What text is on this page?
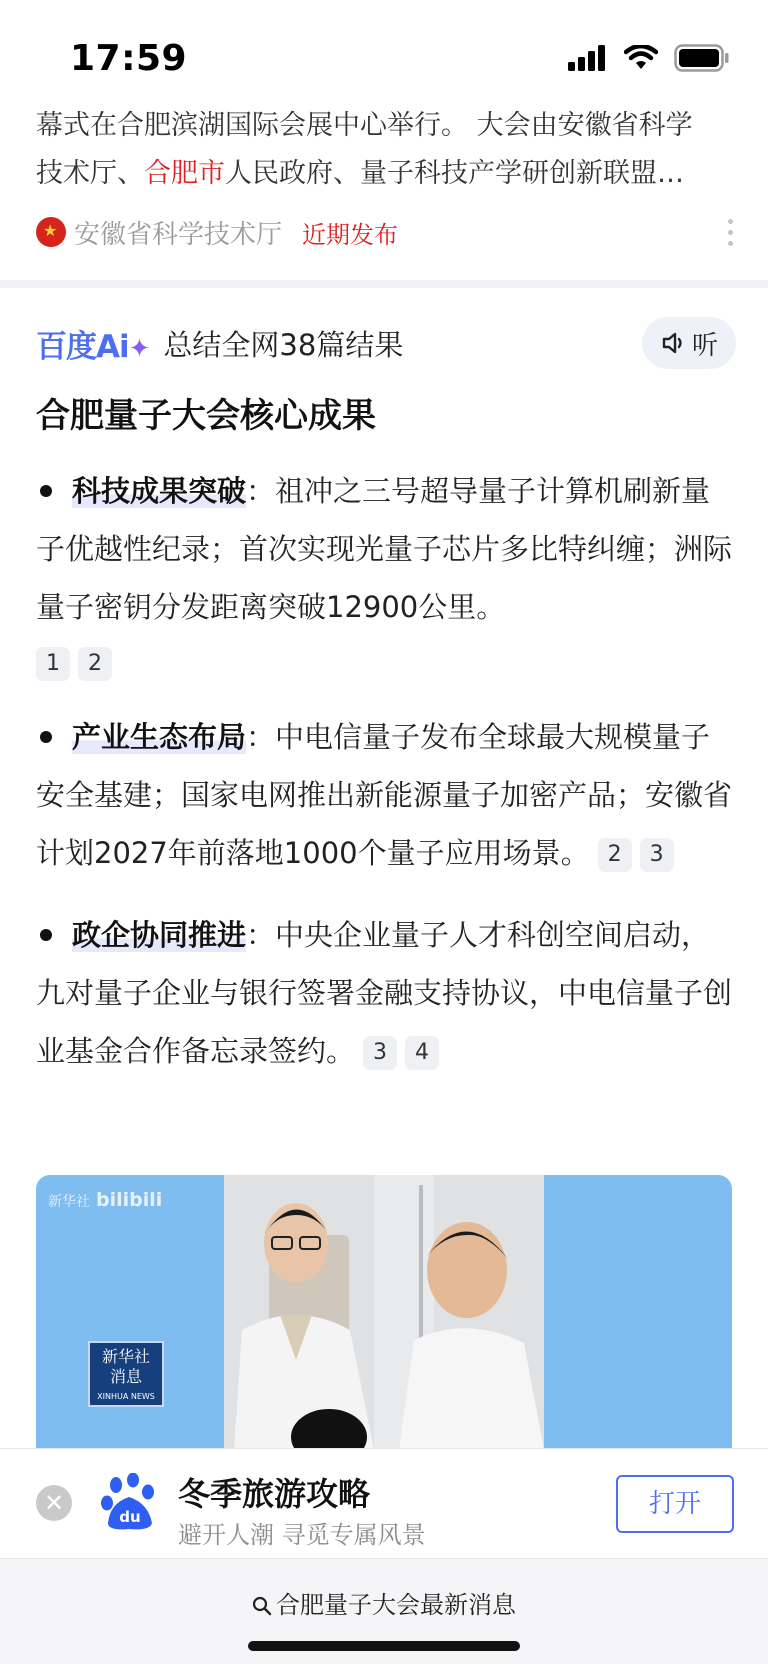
17:59
幕式在合肥滨湖国际会展中心举行。 大会由安徽省科学
技术厅、合肥市人民政府、量子科技产学研创新联盟…
★
安徽省科学技术厅 近期发布
百度Ai✦ 总结全网38篇结果	听
合肥量子大会核心成果
科技成果突破：祖冲之三号超导量子计算机刷新量子优越性纪录；首次实现光量子芯片多比特纠缠；洲际量子密钥分发距离突破12900公里。
1 2
产业生态布局：中电信量子发布全球最大规模量子安全基建；国家电网推出新能源量子加密产品；安徽省计划2027年前落地1000个量子应用场景。 2 3
政企协同推进：中央企业量子人才科创空间启动，九对量子企业与银行签署金融支持协议，中电信量子创业基金合作备忘录签约。 3 4
新华社 bilibili
新华社
消息
XINHUA NEWS
✕	du
冬季旅游攻略
避开人潮 寻觅专属风景
打开
合肥量子大会最新消息
